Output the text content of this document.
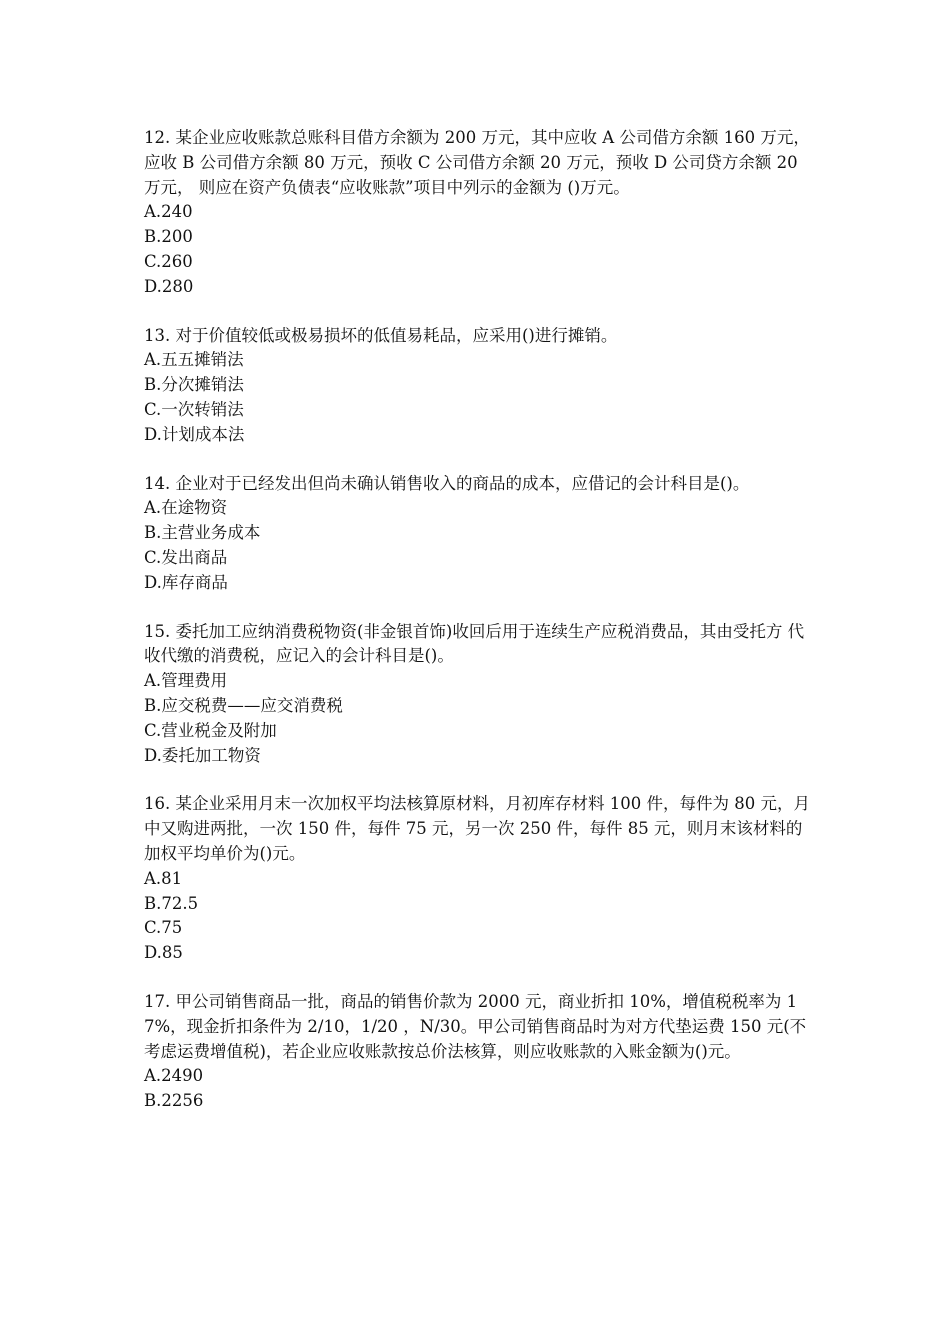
12. 某企业应收账款总账科目借方余额为 200 万元，其中应收 A 公司借方余额 160 万元，应收 B 公司借方余额 80 万元，预收 C 公司借方余额 20 万元，预收 D 公司贷方余额 20 万元， 则应在资产负债表“应收账款”项目中列示的金额为 ()万元。

A.240

B.200

C.260

D.280

13. 对于价值较低或极易损坏的低值易耗品，应采用()进行摊销。

A.五五摊销法

B.分次摊销法

C.一次转销法

D.计划成本法

14. 企业对于已经发出但尚未确认销售收入的商品的成本，应借记的会计科目是()。

A.在途物资

B.主营业务成本

C.发出商品

D.库存商品

15. 委托加工应纳消费税物资(非金银首饰)收回后用于连续生产应税消费品，其由受托方 代收代缴的消费税，应记入的会计科目是()。

A.管理费用

B.应交税费——应交消费税

C.营业税金及附加

D.委托加工物资

16. 某企业采用月末一次加权平均法核算原材料，月初库存材料 100 件，每件为 80 元，月中又购进两批，一次 150 件，每件 75 元，另一次 250 件，每件 85 元，则月末该材料的加权平均单价为()元。

A.81

B.72.5

C.75

D.85

17. 甲公司销售商品一批，商品的销售价款为 2000 元，商业折扣 10%，增值税税率为 17%，现金折扣条件为 2/10，1/20 ，N/30。甲公司销售商品时为对方代垫运费 150 元(不考虑运费增值税)，若企业应收账款按总价法核算，则应收账款的入账金额为()元。

A.2490

B.2256
